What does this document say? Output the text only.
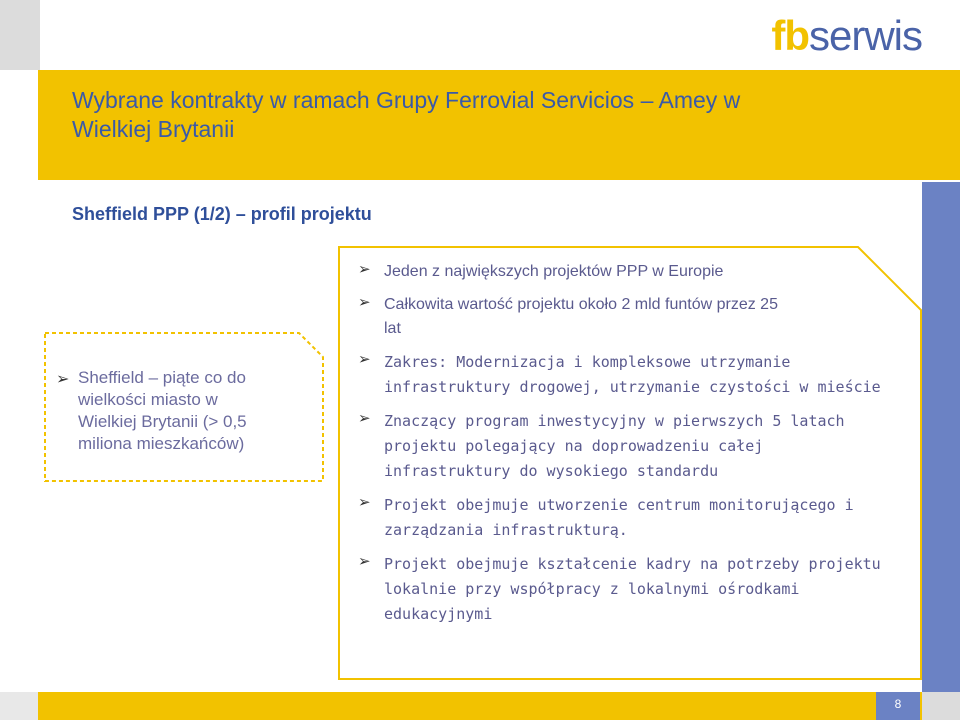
fbserwis
Wybrane kontrakty w ramach Grupy Ferrovial Servicios – Amey w
Wielkiej Brytanii
Sheffield PPP (1/2) – profil projektu
➢ Sheffield – piąte co do
wielkości miasto w
Wielkiej Brytanii (> 0,5
miliona mieszkańców)
➢ Jeden z największych projektów PPP w Europie
➢ Całkowita wartość projektu około 2 mld funtów przez 25
lat
➢ Zakres: Modernizacja i kompleksowe utrzymanie
infrastruktury drogowej, utrzymanie czystości w mieście
➢ Znaczący program inwestycyjny w pierwszych 5 latach
projektu polegający na doprowadzeniu całej
infrastruktury do wysokiego standardu
➢ Projekt obejmuje utworzenie centrum monitorującego i
zarządzania infrastrukturą.
➢ Projekt obejmuje kształcenie kadry na potrzeby projektu
lokalnie przy współpracy z lokalnymi ośrodkami
edukacyjnymi
8
